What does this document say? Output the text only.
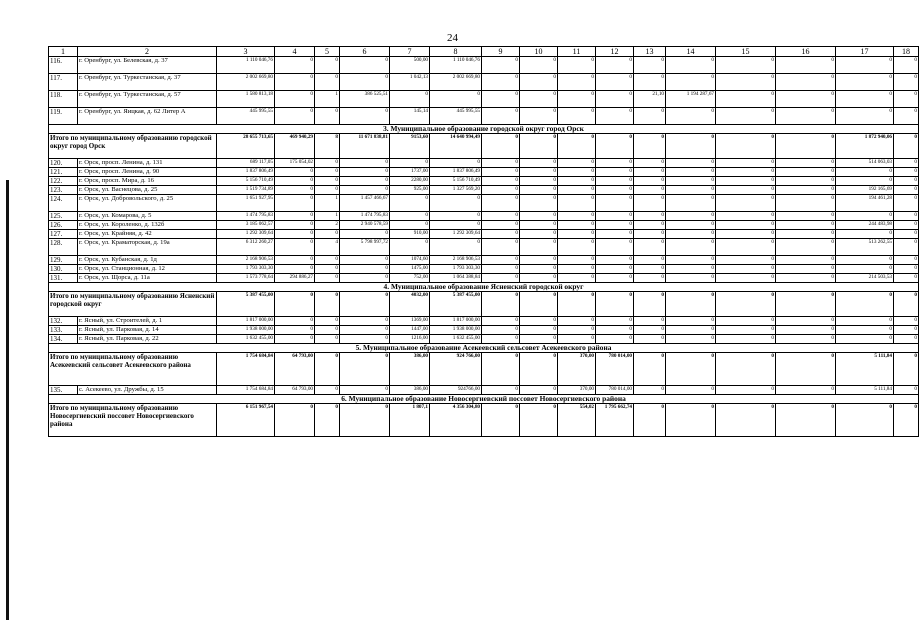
24
1	2	3	4	5	6	7	8	9	10	11	12	13	14	15	16	17	18
116.	г. Оренбург, ул. Белевская, д. 37	1 110 046,76	0	0	0	500,00	1 110 046,76	0	0	0	0	0	0	0	0	0	0
117.	г. Оренбург, ул. Туркестанская, д. 37	2 002 669,80	0	0	0	1 042,13	2 002 669,80	0	0	0	0	0	0	0	0	0	0
118.	г. Оренбург, ул. Туркестанская, д. 57	1 580 813,18	0	1	386 525,51	0	0	0	0	0	0	21,10	1 194 287,67	0	0	0	0
119.	г. Оренбург, ул. Яицкая, д. 62 Литер А	445 995,55	0	0	0	145,14	445 995,55	0	0	0	0	0	0	0	0	0	0
3. Муниципальное образование городской округ город Орск																	
Итого по муниципальному образованию городской округ город Орск		28 655 713,65	469 940,29	8	11 671 838,81	9153,60	14 640 994,49	0	0	0	0	0	0	0	0	1 872 940,06	0
120.	г. Орск, просп. Ленина, д. 131	689 117,05	175 054,02	0	0	0	0	0	0	0	0	0	0	0	0	514 063,03	0
121.	г. Орск, просп. Ленина, д. 90	1 837 806,49	0	0	0	1737,00	1 837 806,49	0	0	0	0	0	0	0	0	0	0
122.	г. Орск, просп. Мира, д. 16	5 156 710,49	0	0	0	2280,00	5 156 710,49	0	0	0	0	0	0	0	0	0	0
123.	г. Орск, ул. Васнецова, д. 25	1 519 734,89	0	0	0	925,00	1 327 569,20	0	0	0	0	0	0	0	0	192 165,69	0
124.	г. Орск, ул. Добровольского, д. 25	1 651 927,95	0	1	1 457 466,67	0	0	0	0	0	0	0	0	0	0	194 461,28	0
125.	г. Орск, ул. Комарова, д. 5	1 474 795,83	0	1	1 474 795,83	0	0	0	0	0	0	0	0	0	0	0	0
126.	г. Орск, ул. Короленко, д. 132б	3 185 062,57	0	2	2 940 578,59	0	0	0	0	0	0	0	0	0	0	244 483,98	0
127.	г. Орск, ул. Крайняя, д. 42	1 292 309,64	0	0	0	910,00	1 292 309,64	0	0	0	0	0	0	0	0	0	0
128.	г. Орск, ул. Краматорская, д. 19а	6 312 260,27	0	4	5 798 997,72	0	0	0	0	0	0	0	0	0	0	513 262,55	0
129.	г. Орск, ул. Кубанская, д. 1д	2 168 906,53	0	0	0	1074,60	2 168 906,53	0	0	0	0	0	0	0	0	0	0
130.	г. Орск, ул. Станционная, д. 12	1 793 303,30	0	0	0	1475,00	1 793 303,30	0	0	0	0	0	0	0	0	0	0
131.	г. Орск, ул. Щорса, д. 11а	1 573 778,64	294 886,27	0	0	752,00	1 064 388,84	0	0	0	0	0	0	0	0	214 503,53	0
4. Муниципальное образование Ясненский городской округ																	
Итого по муниципальному образованию Ясненский городской округ		5 387 455,00	0	0	0	4032,00	5 387 455,00	0	0	0	0	0	0	0	0	0	0
132.	г. Ясный, ул. Строителей, д. 1	1 817 000,00	0	0	0	1369,00	1 817 000,00	0	0	0	0	0	0	0	0	0	0
133.	г. Ясный, ул. Парковая, д. 14	1 938 000,00	0	0	0	1447,00	1 938 000,00	0	0	0	0	0	0	0	0	0	0
134.	г. Ясный, ул. Парковая, д. 22	1 632 455,00	0	0	0	1216,00	1 632 455,00	0	0	0	0	0	0	0	0	0	0
5. Муниципальное образование Асекеевский сельсовет Асекеевского района																	
Итого по муниципальному образованию Асекеевский сельсовет Асекеевского района		1 754 684,84	64 793,00	0	0	386,00	924 766,00	0	0	370,00	780 014,00	0	0	0	0	5 111,84	0
135.	с. Асекеево, ул. Дружбы, д. 15	1 754 684,84	64 793,00	0	0	386,00	924766,00	0	0	370,00	780 014,00	0	0	0	0	5 111,84	0
6. Муниципальное образование Новосергиевский поссовет Новосергиевского района																	
Итого по муниципальному образованию Новосергиевский поссовет Новосергиевского района		6 151 967,54	0	0	0	1 807,1	4 356 304,80	0	0	554,02	1 795 662,74	0	0	0	0	0	0
